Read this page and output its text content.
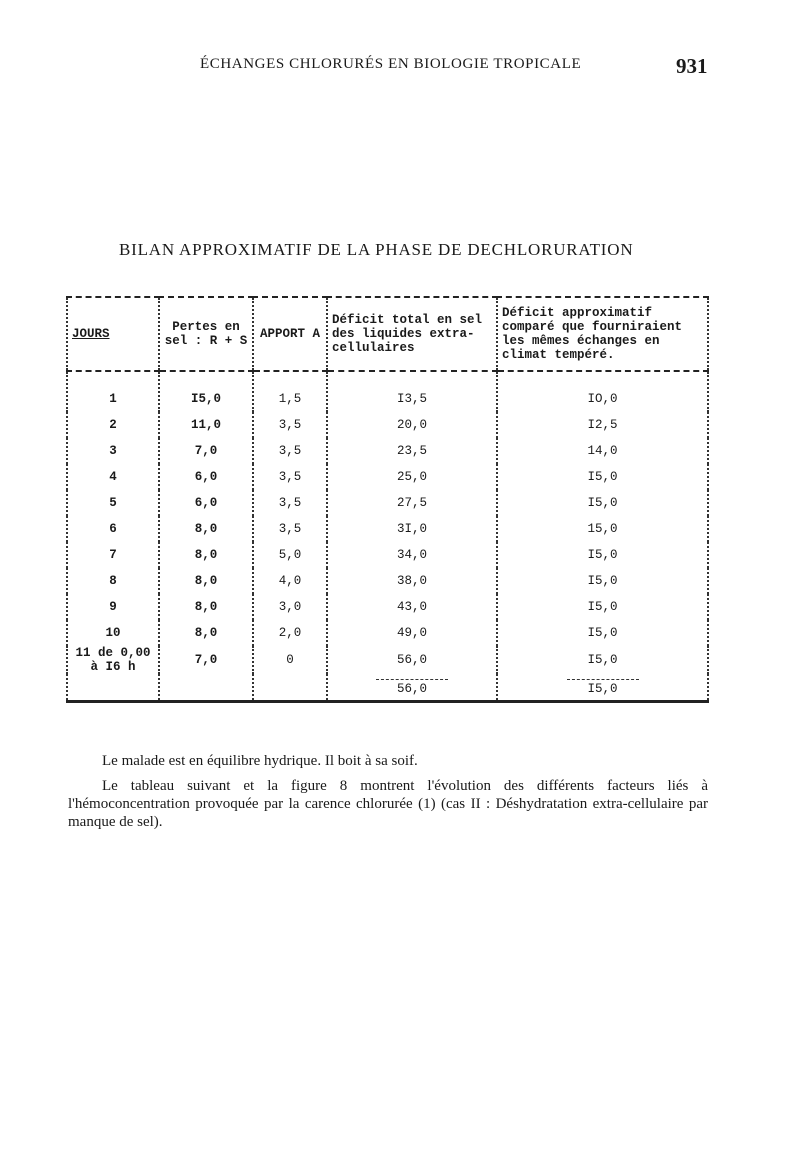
ÉCHANGES CHLORURÉS EN BIOLOGIE TROPICALE	931
BILAN APPROXIMATIF DE LA PHASE DE DECHLORURATION
JOURS	Pertes en sel : R + S	APPORT A	Déficit total en sel des liquides extra-cellulaires	Déficit approximatif comparé que fourniraient les mêmes échanges en climat tempéré.
1	I5,0	1,5	I3,5	IO,0
2	11,0	3,5	20,0	I2,5
3	7,0	3,5	23,5	14,0
4	6,0	3,5	25,0	I5,0
5	6,0	3,5	27,5	I5,0
6	8,0	3,5	3I,0	15,0
7	8,0	5,0	34,0	I5,0
8	8,0	4,0	38,0	I5,0
9	8,0	3,0	43,0	I5,0
10	8,0	2,0	49,0	I5,0
11 de 0,00 à I6 h	7,0	0	56,0	I5,0
			56,0	I5,0

Le malade est en équilibre hydrique. Il boit à sa soif.

Le tableau suivant et la figure 8 montrent l'évolution des différents facteurs liés à l'hémoconcentration provoquée par la carence chlorurée (1) (cas II : Déshydratation extra-cellulaire par manque de sel).
